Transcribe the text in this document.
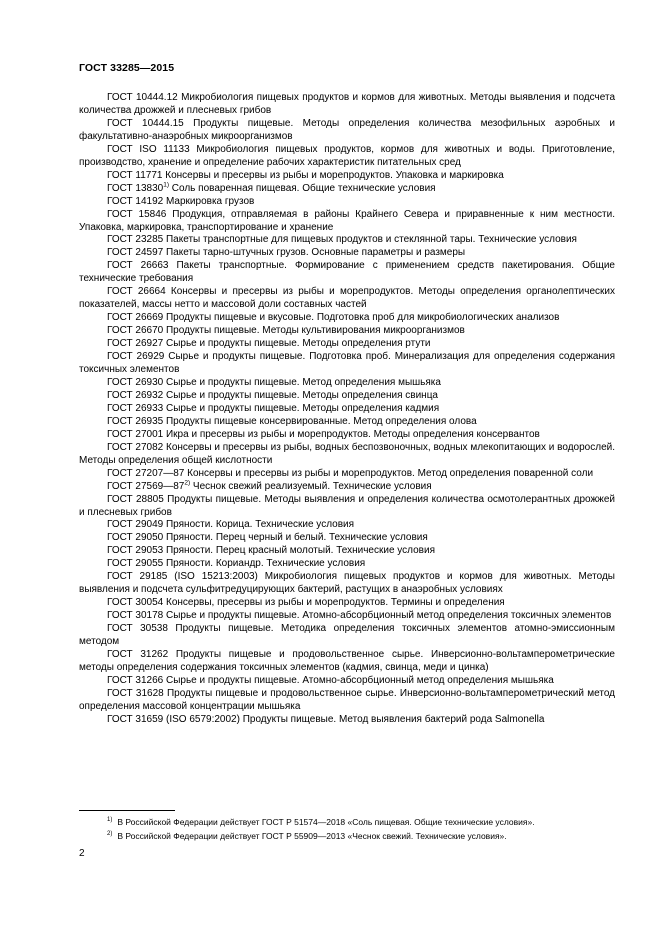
ГОСТ 33285—2015

ГОСТ 10444.12 Микробиология пищевых продуктов и кормов для животных. Методы выявления и подсчета количества дрожжей и плесневых грибов

ГОСТ 10444.15 Продукты пищевые. Методы определения количества мезофильных аэробных и факультативно-анаэробных микроорганизмов

ГОСТ ISO 11133 Микробиология пищевых продуктов, кормов для животных и воды. Приготовление, производство, хранение и определение рабочих характеристик питательных сред

ГОСТ 11771 Консервы и пресервы из рыбы и морепродуктов. Упаковка и маркировка

ГОСТ 13830$^{1)}$ Соль поваренная пищевая. Общие технические условия

ГОСТ 14192 Маркировка грузов

ГОСТ 15846 Продукция, отправляемая в районы Крайнего Севера и приравненные к ним местности. Упаковка, маркировка, транспортирование и хранение

ГОСТ 23285 Пакеты транспортные для пищевых продуктов и стеклянной тары. Технические условия

ГОСТ 24597 Пакеты тарно-штучных грузов. Основные параметры и размеры

ГОСТ 26663 Пакеты транспортные. Формирование с применением средств пакетирования. Общие технические требования

ГОСТ 26664 Консервы и пресервы из рыбы и морепродуктов. Методы определения органолептических показателей, массы нетто и массовой доли составных частей

ГОСТ 26669 Продукты пищевые и вкусовые. Подготовка проб для микробиологических анализов

ГОСТ 26670 Продукты пищевые. Методы культивирования микроорганизмов

ГОСТ 26927 Сырье и продукты пищевые. Методы определения ртути

ГОСТ 26929 Сырье и продукты пищевые. Подготовка проб. Минерализация для определения содержания токсичных элементов

ГОСТ 26930 Сырье и продукты пищевые. Метод определения мышьяка

ГОСТ 26932 Сырье и продукты пищевые. Методы определения свинца

ГОСТ 26933 Сырье и продукты пищевые. Методы определения кадмия

ГОСТ 26935 Продукты пищевые консервированные. Метод определения олова

ГОСТ 27001 Икра и пресервы из рыбы и морепродуктов. Методы определения консервантов

ГОСТ 27082 Консервы и пресервы из рыбы, водных беспозвоночных, водных млекопитающих и водорослей. Методы определения общей кислотности

ГОСТ 27207—87 Консервы и пресервы из рыбы и морепродуктов. Метод определения поваренной соли

ГОСТ 27569—87$^{2)}$ Чеснок свежий реализуемый. Технические условия

ГОСТ 28805 Продукты пищевые. Методы выявления и определения количества осмотолерантных дрожжей и плесневых грибов

ГОСТ 29049 Пряности. Корица. Технические условия

ГОСТ 29050 Пряности. Перец черный и белый. Технические условия

ГОСТ 29053 Пряности. Перец красный молотый. Технические условия

ГОСТ 29055 Пряности. Кориандр. Технические условия

ГОСТ 29185 (ISO 15213:2003) Микробиология пищевых продуктов и кормов для животных. Методы выявления и подсчета сульфитредуцирующих бактерий, растущих в анаэробных условиях

ГОСТ 30054 Консервы, пресервы из рыбы и морепродуктов. Термины и определения

ГОСТ 30178 Сырье и продукты пищевые. Атомно-абсорбционный метод определения токсичных элементов

ГОСТ 30538 Продукты пищевые. Методика определения токсичных элементов атомно-эмиссионным методом

ГОСТ 31262 Продукты пищевые и продовольственное сырье. Инверсионно-вольтамперометрические методы определения содержания токсичных элементов (кадмия, свинца, меди и цинка)

ГОСТ 31266 Сырье и продукты пищевые. Атомно-абсорбционный метод определения мышьяка

ГОСТ 31628 Продукты пищевые и продовольственное сырье. Инверсионно-вольтамперометрический метод определения массовой концентрации мышьяка

ГОСТ 31659 (ISO 6579:2002) Продукты пищевые. Метод выявления бактерий рода Salmonella

$^{1)}$ В Российской Федерации действует ГОСТ Р 51574—2018 «Соль пищевая. Общие технические условия».

$^{2)}$ В Российской Федерации действует ГОСТ Р 55909—2013 «Чеснок свежий. Технические условия».

2
